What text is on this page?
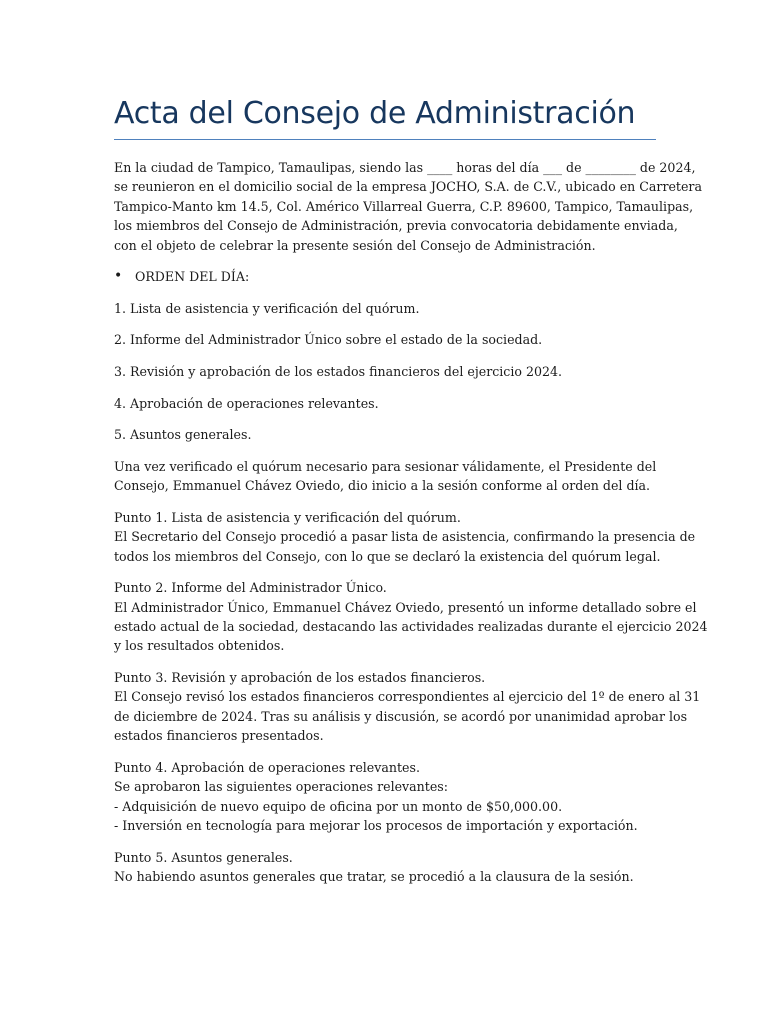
Acta del Consejo de Administración

En la ciudad de Tampico, Tamaulipas, siendo las ____ horas del día ___ de ________ de 2024,
se reunieron en el domicilio social de la empresa JOCHO, S.A. de C.V., ubicado en Carretera
Tampico-Manto km 14.5, Col. Américo Villarreal Guerra, C.P. 89600, Tampico, Tamaulipas,
los miembros del Consejo de Administración, previa convocatoria debidamente enviada,
con el objeto de celebrar la presente sesión del Consejo de Administración.

• ORDEN DEL DÍA:

1. Lista de asistencia y verificación del quórum.

2. Informe del Administrador Único sobre el estado de la sociedad.

3. Revisión y aprobación de los estados financieros del ejercicio 2024.

4. Aprobación de operaciones relevantes.

5. Asuntos generales.

Una vez verificado el quórum necesario para sesionar válidamente, el Presidente del
Consejo, Emmanuel Chávez Oviedo, dio inicio a la sesión conforme al orden del día.

Punto 1. Lista de asistencia y verificación del quórum.
El Secretario del Consejo procedió a pasar lista de asistencia, confirmando la presencia de
todos los miembros del Consejo, con lo que se declaró la existencia del quórum legal.

Punto 2. Informe del Administrador Único.
El Administrador Único, Emmanuel Chávez Oviedo, presentó un informe detallado sobre el
estado actual de la sociedad, destacando las actividades realizadas durante el ejercicio 2024
y los resultados obtenidos.

Punto 3. Revisión y aprobación de los estados financieros.
El Consejo revisó los estados financieros correspondientes al ejercicio del 1º de enero al 31
de diciembre de 2024. Tras su análisis y discusión, se acordó por unanimidad aprobar los
estados financieros presentados.

Punto 4. Aprobación de operaciones relevantes.
Se aprobaron las siguientes operaciones relevantes:
- Adquisición de nuevo equipo de oficina por un monto de $50,000.00.
- Inversión en tecnología para mejorar los procesos de importación y exportación.

Punto 5. Asuntos generales.
No habiendo asuntos generales que tratar, se procedió a la clausura de la sesión.
